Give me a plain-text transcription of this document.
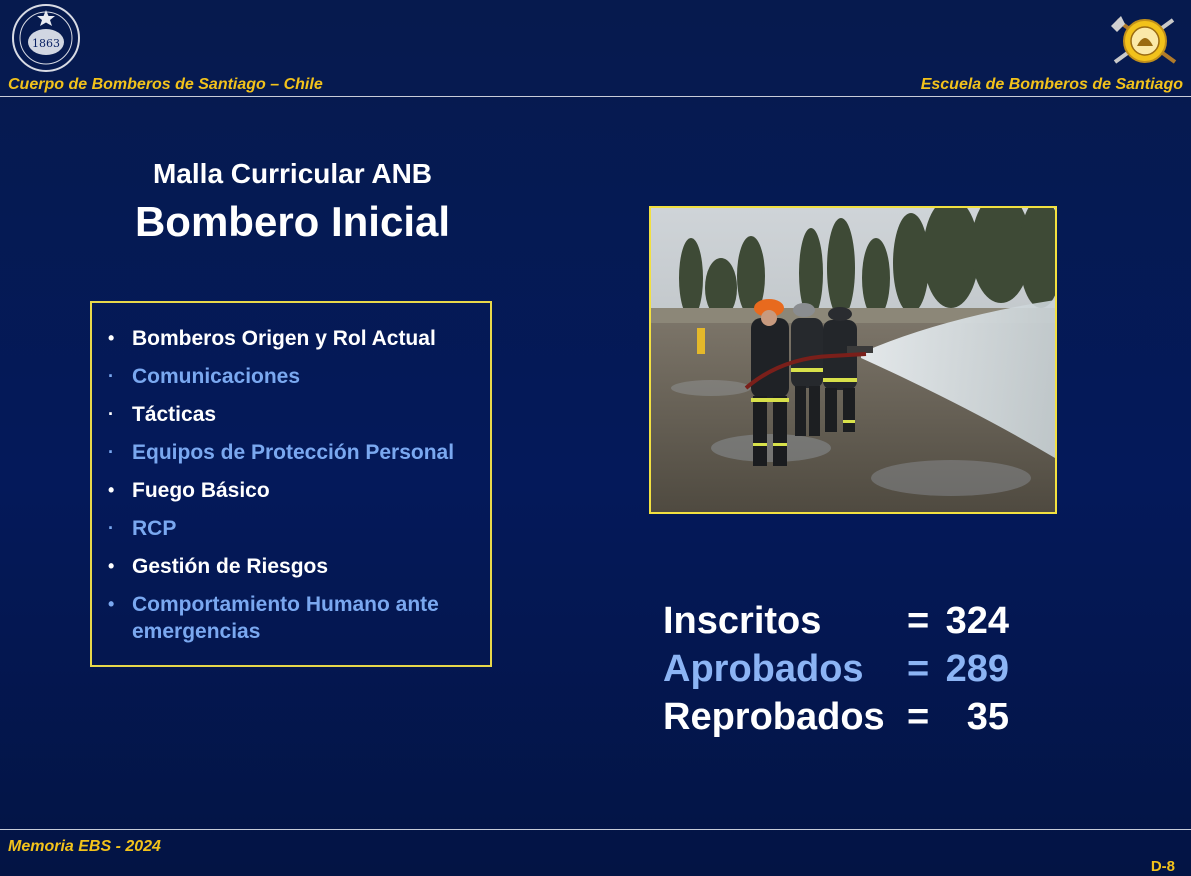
1863
Cuerpo de Bomberos de Santiago – Chile	Escuela de Bomberos de Santiago
Malla Curricular ANB
Bombero Inicial
• Bomberos Origen y Rol Actual
· Comunicaciones
· Tácticas
· Equipos de Protección Personal
• Fuego Básico
· RCP
• Gestión de Riesgos
• Comportamiento Humano ante emergencias	Inscritos = 324
Aprobados = 289
Reprobados = 35
Memoria EBS - 2024
D-8
